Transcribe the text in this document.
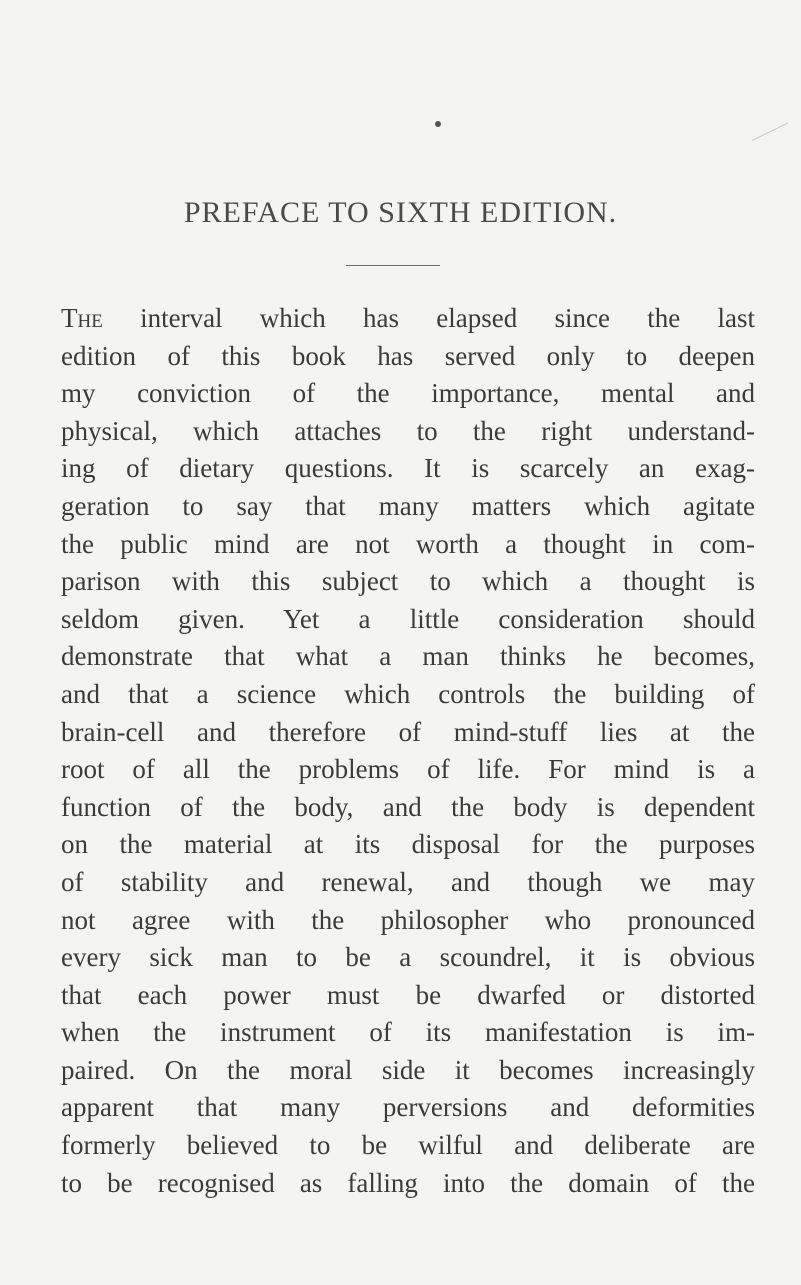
PREFACE TO SIXTH EDITION.

The interval which has elapsed since the last
edition of this book has served only to deepen
my conviction of the importance, mental and
physical, which attaches to the right understand-
ing of dietary questions. It is scarcely an exag-
geration to say that many matters which agitate
the public mind are not worth a thought in com-
parison with this subject to which a thought is
seldom given. Yet a little consideration should
demonstrate that what a man thinks he becomes,
and that a science which controls the building of
brain-cell and therefore of mind-stuff lies at the
root of all the problems of life. For mind is a
function of the body, and the body is dependent
on the material at its disposal for the purposes
of stability and renewal, and though we may
not agree with the philosopher who pronounced
every sick man to be a scoundrel, it is obvious
that each power must be dwarfed or distorted
when the instrument of its manifestation is im-
paired. On the moral side it becomes increasingly
apparent that many perversions and deformities
formerly believed to be wilful and deliberate are
to be recognised as falling into the domain of the
